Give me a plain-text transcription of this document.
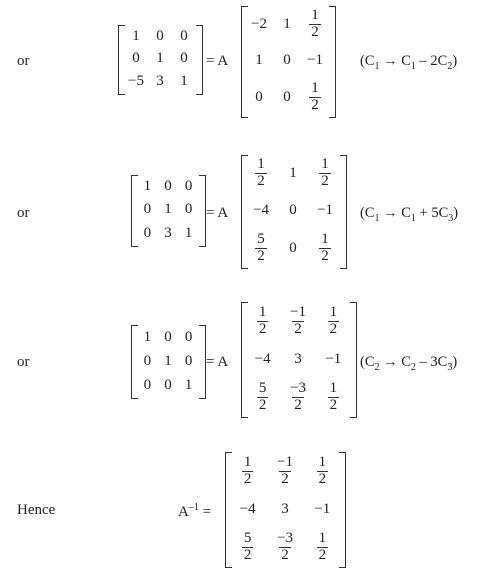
or
1 0 0
0 1 0
−5 3 1
= A
−2 $1 \frac{1}{2}$
1 0 −1
0 $0 \frac{1}{2}$
$(C_1 \to C_1 - 2C_2)$
or
1 0 0
0 1 0
0 3 1
= A
$\frac{1}{2} 1 \frac{1}{2}$
−4 0 −1
$\frac{5}{2} 0 \frac{1}{2}$
$(C_1 \to C_1 + 5C_3)$
or
1 0 0
0 1 0
0 0 1
= A
$\frac{1}{2} \frac{-1}{2} \frac{1}{2}$
−4 3 −1
$\frac{5}{2} \frac{-3}{2} \frac{1}{2}$
$(C_2 \to C_2 - 3C_3)$
Hence	$A^{-1}$ =
$\frac{1}{2} \frac{-1}{2} \frac{1}{2}$
−4 3 −1
$\frac{5}{2} \frac{-3}{2} \frac{1}{2}$
